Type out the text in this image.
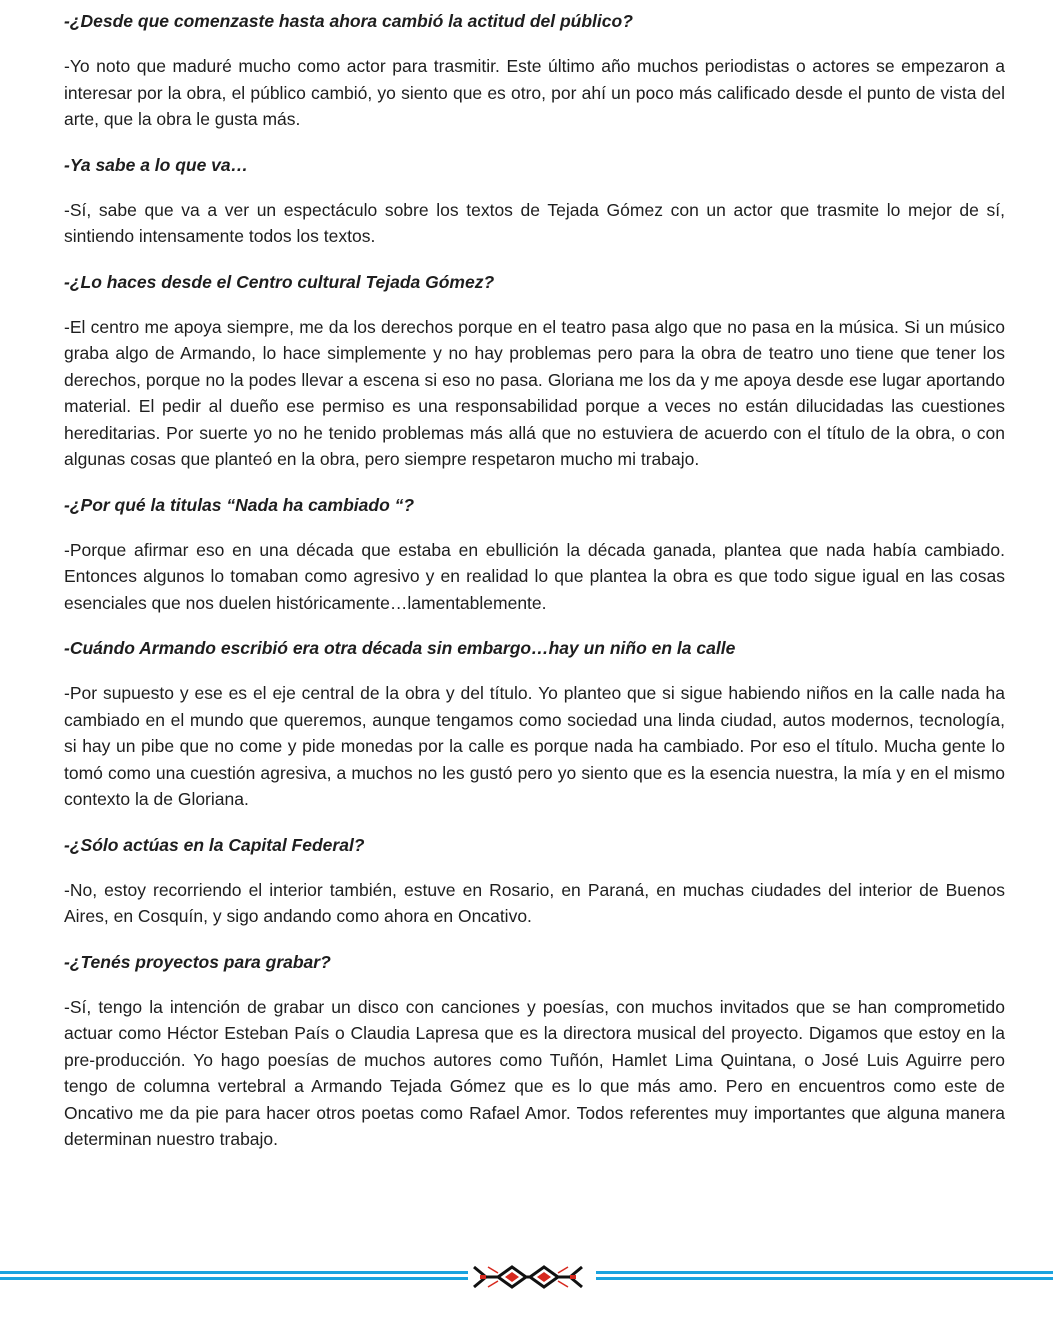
-¿Desde que comenzaste hasta ahora cambió la actitud del público?

-Yo noto que maduré mucho como actor para trasmitir. Este último año muchos periodistas o actores se empezaron a interesar por la obra, el público cambió, yo siento que es otro, por ahí un poco más calificado desde el punto de vista del arte, que la obra le gusta más.

-Ya sabe a lo que va…

-Sí, sabe que va a ver un espectáculo sobre los textos de Tejada Gómez con un actor que trasmite lo mejor de sí, sintiendo intensamente todos los textos.

-¿Lo haces desde el Centro cultural Tejada Gómez?

-El centro me apoya siempre, me da los derechos porque en el teatro pasa algo que no pasa en la música. Si un músico graba algo de Armando, lo hace simplemente y no hay problemas pero para la obra de teatro uno tiene que tener los derechos, porque no la podes llevar a escena si eso no pasa. Gloriana me los da y me apoya desde ese lugar aportando material. El pedir al dueño ese permiso es una responsabilidad porque a veces no están dilucidadas las cuestiones hereditarias. Por suerte yo no he tenido problemas más allá que no estuviera de acuerdo con el título de la obra, o con algunas cosas que planteó en la obra, pero siempre respetaron mucho mi trabajo.

-¿Por qué la titulas “Nada ha cambiado “?

-Porque afirmar eso en una década que estaba en ebullición la década ganada, plantea que nada había cambiado. Entonces algunos lo tomaban como agresivo y en realidad lo que plantea la obra es que todo sigue igual en las cosas esenciales que nos duelen históricamente…lamentablemente.

-Cuándo Armando escribió era otra década sin embargo…hay un niño en la calle

-Por supuesto y ese es el eje central de la obra y del título. Yo planteo que si sigue habiendo niños en la calle nada ha cambiado en el mundo que queremos, aunque tengamos como sociedad una linda ciudad, autos modernos, tecnología, si hay un pibe que no come y pide monedas por la calle es porque nada ha cambiado. Por eso el título. Mucha gente lo tomó como una cuestión agresiva, a muchos no les gustó pero yo siento que es la esencia nuestra, la mía y en el mismo contexto la de Gloriana.

-¿Sólo actúas en la Capital Federal?

-No, estoy recorriendo el interior también, estuve en Rosario, en Paraná, en muchas ciudades del interior de Buenos Aires, en Cosquín, y sigo andando como ahora en Oncativo.

-¿Tenés proyectos para grabar?

-Sí, tengo la intención de grabar un disco con canciones y poesías, con muchos invitados que se han comprometido actuar como Héctor Esteban País o Claudia Lapresa que es la directora musical del proyecto. Digamos que estoy en la pre-producción. Yo hago poesías de muchos autores como Tuñón, Hamlet Lima Quintana, o José Luis Aguirre pero tengo de columna vertebral a Armando Tejada Gómez que es lo que más amo. Pero en encuentros como este de Oncativo me da pie para hacer otros poetas como Rafael Amor. Todos referentes muy importantes que alguna manera determinan nuestro trabajo.
